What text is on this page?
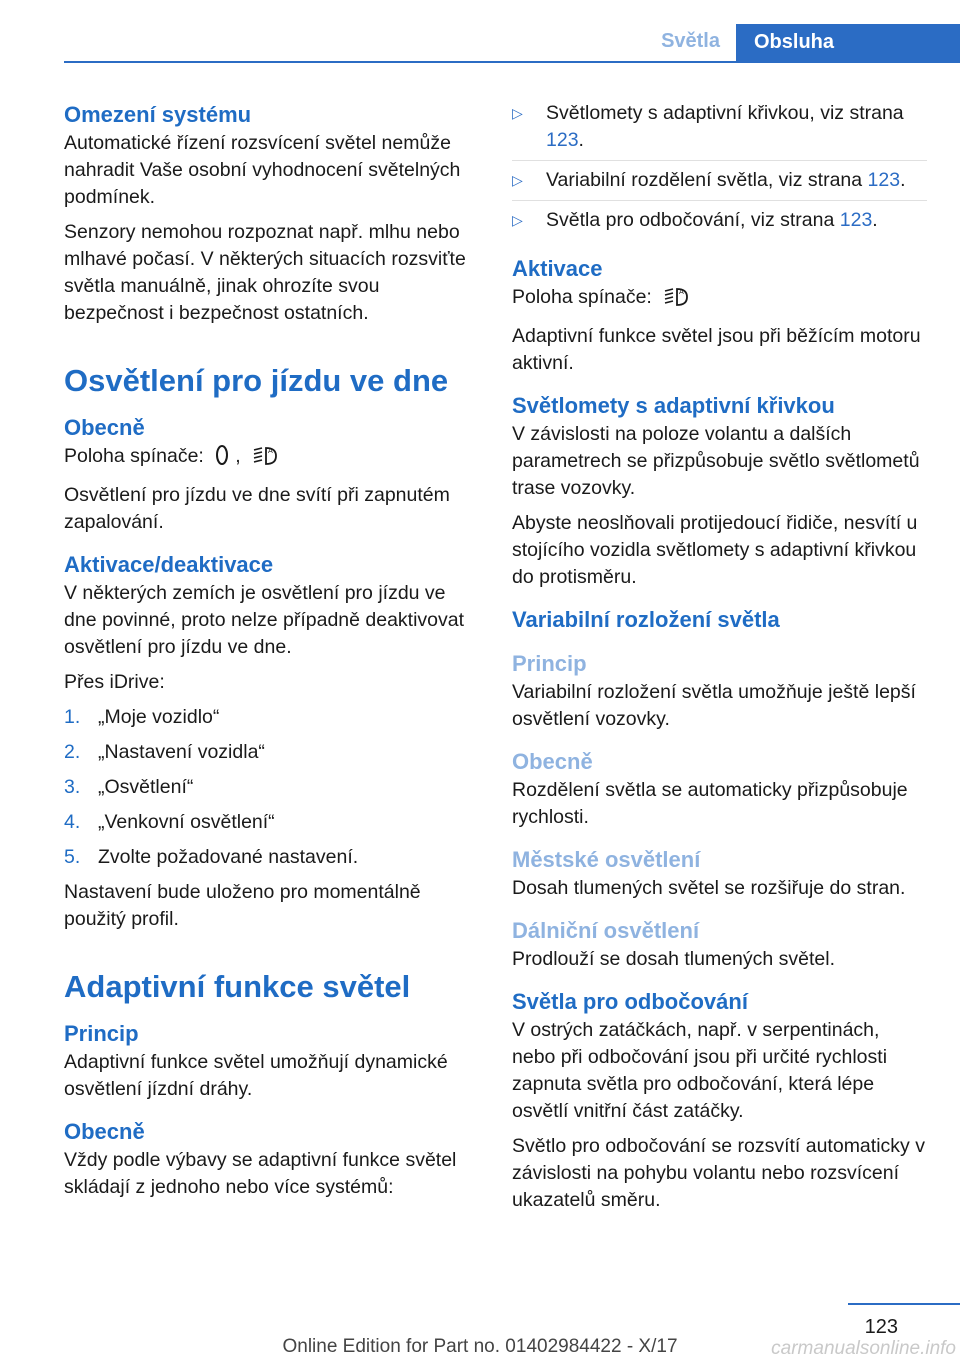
Světla	Obsluha
Omezení systému

Automatické řízení rozsvícení světel nemůže nahradit Vaše osobní vyhodnocení světelných podmínek.

Senzory nemohou rozpoznat např. mlhu nebo mlhavé počasí. V některých situacích rozsviťte světla manuálně, jinak ohrozíte svou bezpečnost i bezpečnost ostatních.

Osvětlení pro jízdu ve dne
Obecně

Poloha spínače: ,	A

Osvětlení pro jízdu ve dne svítí při zapnutém zapalování.

Aktivace/deaktivace

V některých zemích je osvětlení pro jízdu ve dne povinné, proto nelze případně deaktivovat osvětlení pro jízdu ve dne.

Přes iDrive:

1. „Moje vozidlo“
2. „Nastavení vozidla“
3. „Osvětlení“
4. „Venkovní osvětlení“
5. Zvolte požadované nastavení.

Nastavení bude uloženo pro momentálně použitý profil.

Adaptivní funkce světel
Princip

Adaptivní funkce světel umožňují dynamické osvětlení jízdní dráhy.

Obecně

Vždy podle výbavy se adaptivní funkce světel skládají z jednoho nebo více systémů:

▷ Světlomety s adaptivní křivkou, viz strana 123.
▷ Variabilní rozdělení světla, viz strana 123.
▷ Světla pro odbočování, viz strana 123.
Aktivace

Poloha spínače:	A

Adaptivní funkce světel jsou při běžícím motoru aktivní.

Světlomety s adaptivní křivkou

V závislosti na poloze volantu a dalších parametrech se přizpůsobuje světlo světlometů trase vozovky.

Abyste neoslňovali protijedoucí řidiče, nesvítí u stojícího vozidla světlomety s adaptivní křivkou do protisměru.

Variabilní rozložení světla
Princip

Variabilní rozložení světla umožňuje ještě lepší osvětlení vozovky.

Obecně

Rozdělení světla se automaticky přizpůsobuje rychlosti.

Městské osvětlení

Dosah tlumených světel se rozšiřuje do stran.

Dálniční osvětlení

Prodlouží se dosah tlumených světel.

Světla pro odbočování

V ostrých zatáčkách, např. v serpentinách, nebo při odbočování jsou při určité rychlosti zapnuta světla pro odbočování, která lépe osvětlí vnitřní část zatáčky.

Světlo pro odbočování se rozsvítí automaticky v závislosti na pohybu volantu nebo rozsvícení ukazatelů směru.

123
Online Edition for Part no. 01402984422 - X/17	carmanualsonline.info
